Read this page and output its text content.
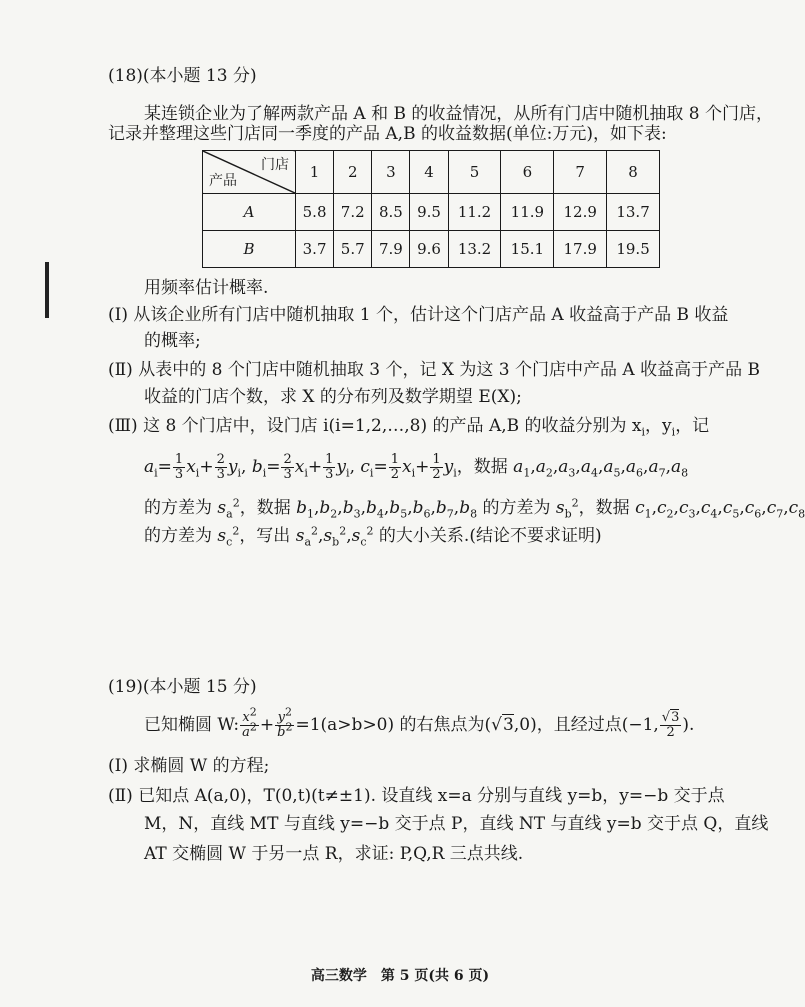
(18)(本小题 13 分)
某连锁企业为了解两款产品 A 和 B 的收益情况，从所有门店中随机抽取 8 个门店，
记录并整理这些门店同一季度的产品 A,B 的收益数据(单位:万元)，如下表:
门店
产品	1	2	3	4	5	6	7	8
A	5.8	7.2	8.5	9.5	11.2	11.9	12.9	13.7
B	3.7	5.7	7.9	9.6	13.2	15.1	17.9	19.5
用频率估计概率.
(Ⅰ) 从该企业所有门店中随机抽取 1 个，估计这个门店产品 A 收益高于产品 B 收益
的概率;
(Ⅱ) 从表中的 8 个门店中随机抽取 3 个，记 X 为这 3 个门店中产品 A 收益高于产品 B
收益的门店个数，求 X 的分布列及数学期望 E(X);
(Ⅲ) 这 8 个门店中，设门店 i(i=1,2,…,8) 的产品 A,B 的收益分别为 $x_i$，$y_i$，记
$a_i= \frac{1}{3} x_i+ \frac{2}{3} y_i$, $b_i= \frac{2}{3} x_i+ \frac{1}{3} y_i$, $c_i= \frac{1}{2} x_i+ \frac{1}{2} y_i$，数据 $a_1,a_2,a_3,a_4,a_5,a_6,a_7,a_8$
的方差为 $s_a^2$，数据 $b_1,b_2,b_3,b_4,b_5,b_6,b_7,b_8$ 的方差为 $s_b^2$，数据 $c_1,c_2,c_3,c_4,c_5,c_6,c_7,c_8$
的方差为 $s_c^2$，写出 $s_a^2,s_b^2,s_c^2$ 的大小关系.(结论不要求证明)
(19)(本小题 15 分)
已知椭圆 W: $\frac{x^2}{a^2} + \frac{y^2}{b^2} =1(a>b>0)$ 的右焦点为(√3,0)，且经过点(−1, $\frac{√3}{2}$ ).
(Ⅰ) 求椭圆 W 的方程;
(Ⅱ) 已知点 A(a,0)，T(0,t)(t≠±1). 设直线 x=a 分别与直线 y=b，y=−b 交于点
M，N，直线 MT 与直线 y=−b 交于点 P，直线 NT 与直线 y=b 交于点 Q，直线
AT 交椭圆 W 于另一点 R，求证: P,Q,R 三点共线.
高三数学　第 5 页(共 6 页)
